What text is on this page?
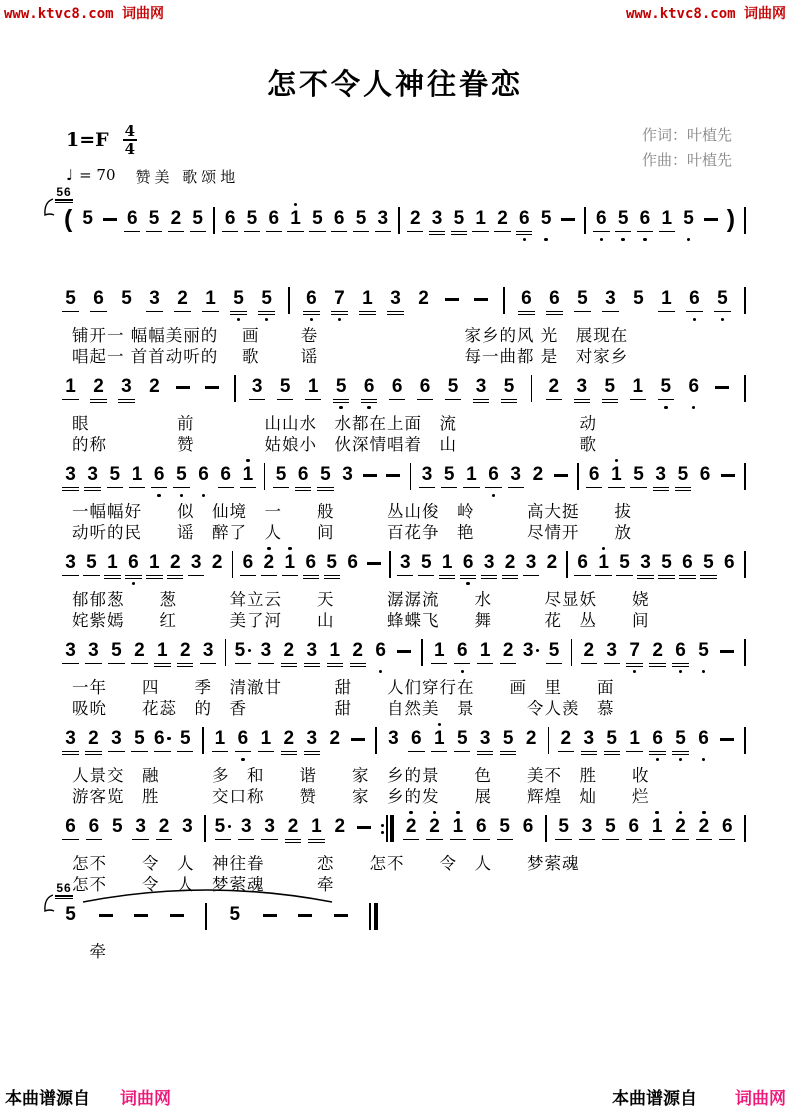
www.ktvc8.com 词曲网	www.ktvc8.com 词曲网
怎不令人神往眷恋
$1=F \frac{4}{4}$
♩ = 70 赞美 歌颂地
作词：叶植先
作曲：叶植先
56
( 5 6 5 2 5 6 5 6 1 5 6 5 3 2 3 5 1 2 6 5 6 5 6 1 5 )
5 6 5 3 2 1 5 5 6 7 1 3 2	6 6 5 3 5 1 6 5
铺开一 幅幅美丽的　 画　　 卷　　　　　　　　 家乡的风 光　展现在
唱起一 首首动听的　 歌　　 谣　　　　　　　　 每一曲都 是　对家乡
1 2 3 2	3 5 1 5 6 6 6 5 3 5 2 3 5 1 5 6
眼　　　　　前　　　　山山水　水都在上面　流　　　　　　　动
的称　　　　赞　　　　姑娘小　伙深情唱着　山　　　　　　　歌
3 3 5 1 6 5 6 6 1 5 6 5 3	3 5 1 6 3 2 6 1 5 3 5 6
一幅幅好　　似　仙境　一　　般　　　丛山俊　岭　　　高大挺　　拔
动听的民　　谣　醉了　人　　间　　　百花争　艳　　　尽情开　　放
3 5 1 6 1 2 3 2 6 2 1 6 5 6 3 5 1 6 3 2 3 2 6 1 5 3 5 6 5 6
郁郁葱　　葱　　　耸立云　　天　　　潺潺流　　水　　　尽显妖　　娆
姹紫嫣　　红　　　美了河　　山　　　蜂蝶飞　　舞　　　花　丛　　间
3 3 5 2 1 2 3 5 3 2 3 1 2 6	1 6 1 2 3 5 2 3 7 2 6 5
一年　　四　　季　清澈甘　　　甜　　人们穿行在　　画　里　　面
吸吮　　花蕊　的　香　　　　　甜　　自然美　景　　　令人羡　慕
3 2 3 5 6 5 1 6 1 2 3 2	3 6 1 5 3 5 2 2 3 5 1 6 5 6
人景交　融　　　多　和　　谐　　家　乡的景　　色　　美不　胜　　收
游客览　胜　　　交口称　　赞　　家　乡的发　　展　　辉煌　灿　　烂
6 6 5 3 2 3 5 3 3 2 1 2	2 2 1 6 5 6 5 3 5 6 1 2 2 6
怎不　　令　人　神往眷　　　恋　　怎不　　令　人　　梦萦魂
怎不　　令　人　梦萦魂　　　牵
56
5	5
　牵
本曲谱源自 词曲网	本曲谱源自 词曲网
